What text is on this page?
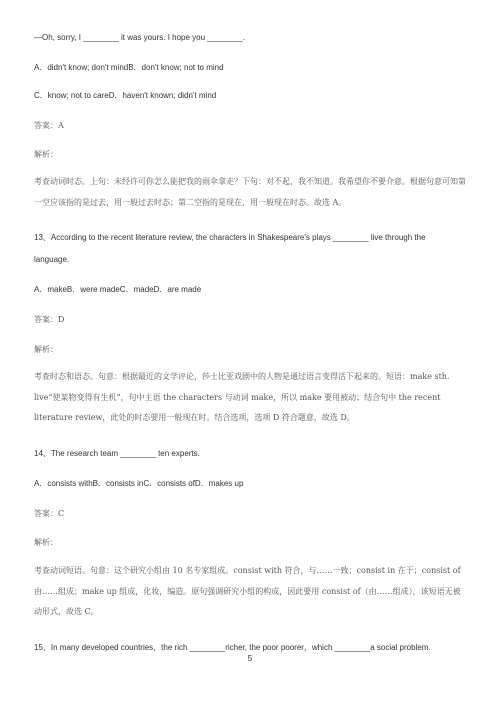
—Oh, sorry, I ________ it was yours. I hope you ________.
A．didn't know; don't mindB．don't know; not to mind
C．know; not to careD．haven't known; didn't mind
答案：A
解析：
考查动词时态。上句：未经许可你怎么能把我的雨伞拿走？下句：对不起，我不知道。我希望你不要介意。根据句意可知第一空应该指的是过去，用一般过去时态；第二空指的是现在，用一般现在时态。故选 A。
13、According to the recent literature review, the characters in Shakespeare's plays ________ live through the
language.
A．makeB．were madeC．madeD．are made
答案：D
解析：
考查时态和语态。句意：根据最近的文学评论，莎士比亚戏剧中的人物是通过语言变得活下起来的。短语：make sth. live“使某物变得有生机”，句中主语 the characters 与动词 make，所以 make 要用被动；结合句中 the recent literature review，此处的时态要用一般现在时。结合选项，选项 D 符合题意，故选 D。
14、The research team ________ ten experts.
A．consists withB．consists inC．consists ofD．makes up
答案：C
解析：
考查动词短语。句意：这个研究小组由 10 名专家组成。consist with 符合，与……一致；consist in 在于；consist of 由……组成；make up 组成，化妆，编造。原句强调研究小组的构成，因此要用 consist of（由……组成），该短语无被动形式，故选 C。
15、In many developed countries，the rich ________richer, the poor poorer，which ________a social problem.
5
